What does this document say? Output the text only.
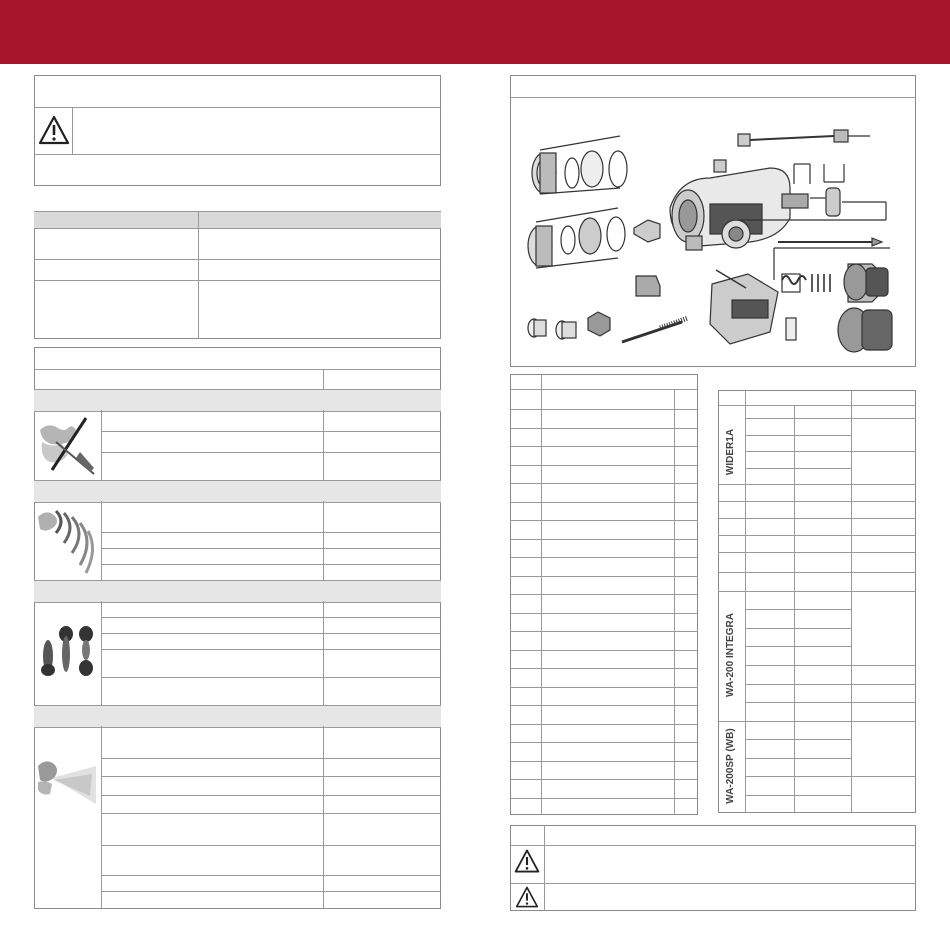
WIDER1A
WA-200 INTEGRA
WA-200SP (WB)
